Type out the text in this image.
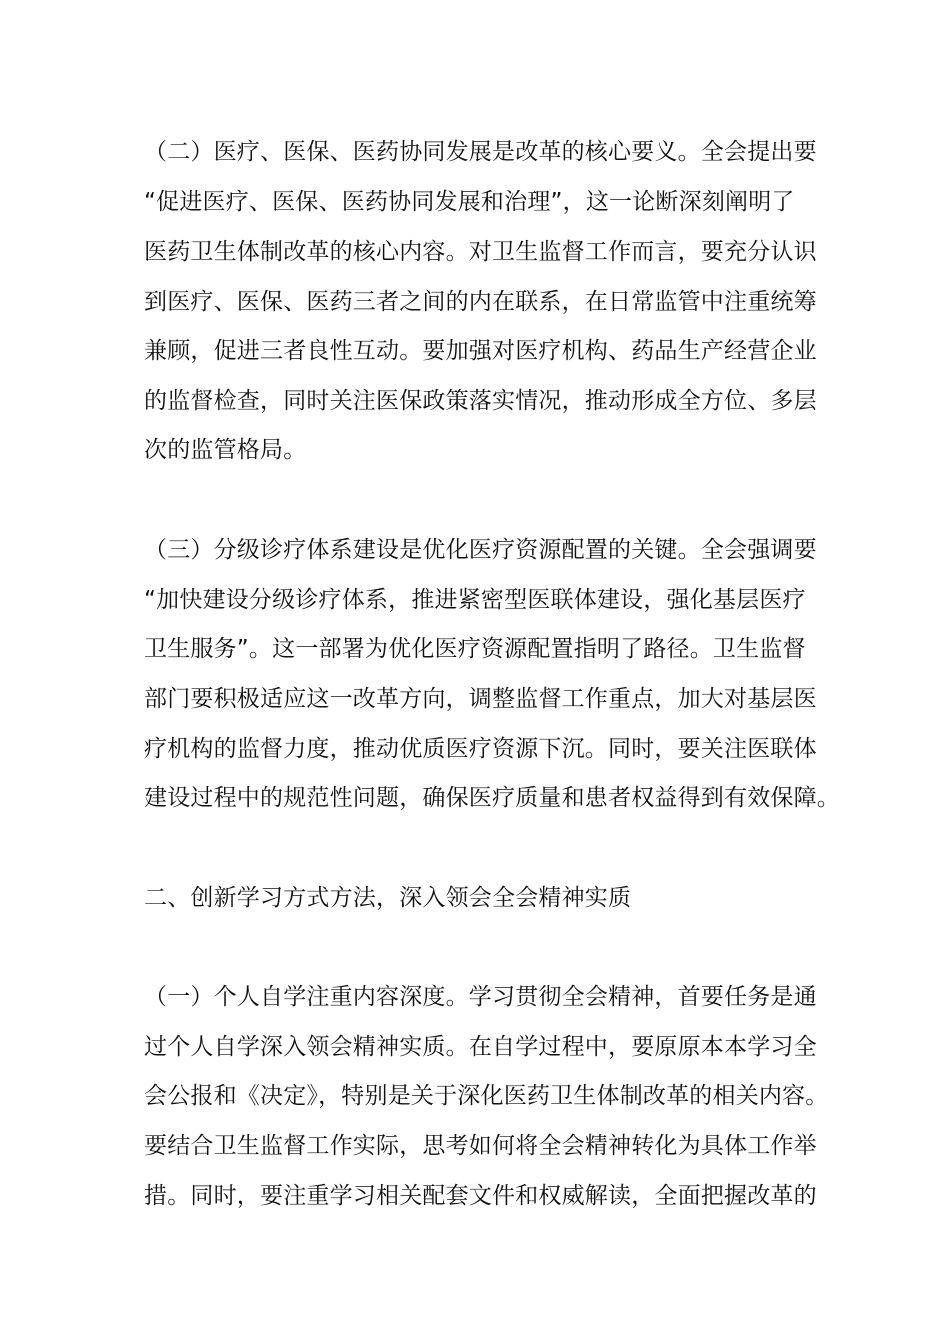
（二）医疗、医保、医药协同发展是改革的核心要义。全会提出要
“促进医疗、医保、医药协同发展和治理”，这一论断深刻阐明了
医药卫生体制改革的核心内容。对卫生监督工作而言，要充分认识
到医疗、医保、医药三者之间的内在联系，在日常监管中注重统筹
兼顾，促进三者良性互动。要加强对医疗机构、药品生产经营企业
的监督检查，同时关注医保政策落实情况，推动形成全方位、多层
次的监管格局。
（三）分级诊疗体系建设是优化医疗资源配置的关键。全会强调要
“加快建设分级诊疗体系，推进紧密型医联体建设，强化基层医疗
卫生服务”。这一部署为优化医疗资源配置指明了路径。卫生监督
部门要积极适应这一改革方向，调整监督工作重点，加大对基层医
疗机构的监督力度，推动优质医疗资源下沉。同时，要关注医联体
建设过程中的规范性问题，确保医疗质量和患者权益得到有效保障。
二、创新学习方式方法，深入领会全会精神实质
（一）个人自学注重内容深度。学习贯彻全会精神，首要任务是通
过个人自学深入领会精神实质。在自学过程中，要原原本本学习全
会公报和《决定》，特别是关于深化医药卫生体制改革的相关内容。
要结合卫生监督工作实际，思考如何将全会精神转化为具体工作举
措。同时，要注重学习相关配套文件和权威解读，全面把握改革的
